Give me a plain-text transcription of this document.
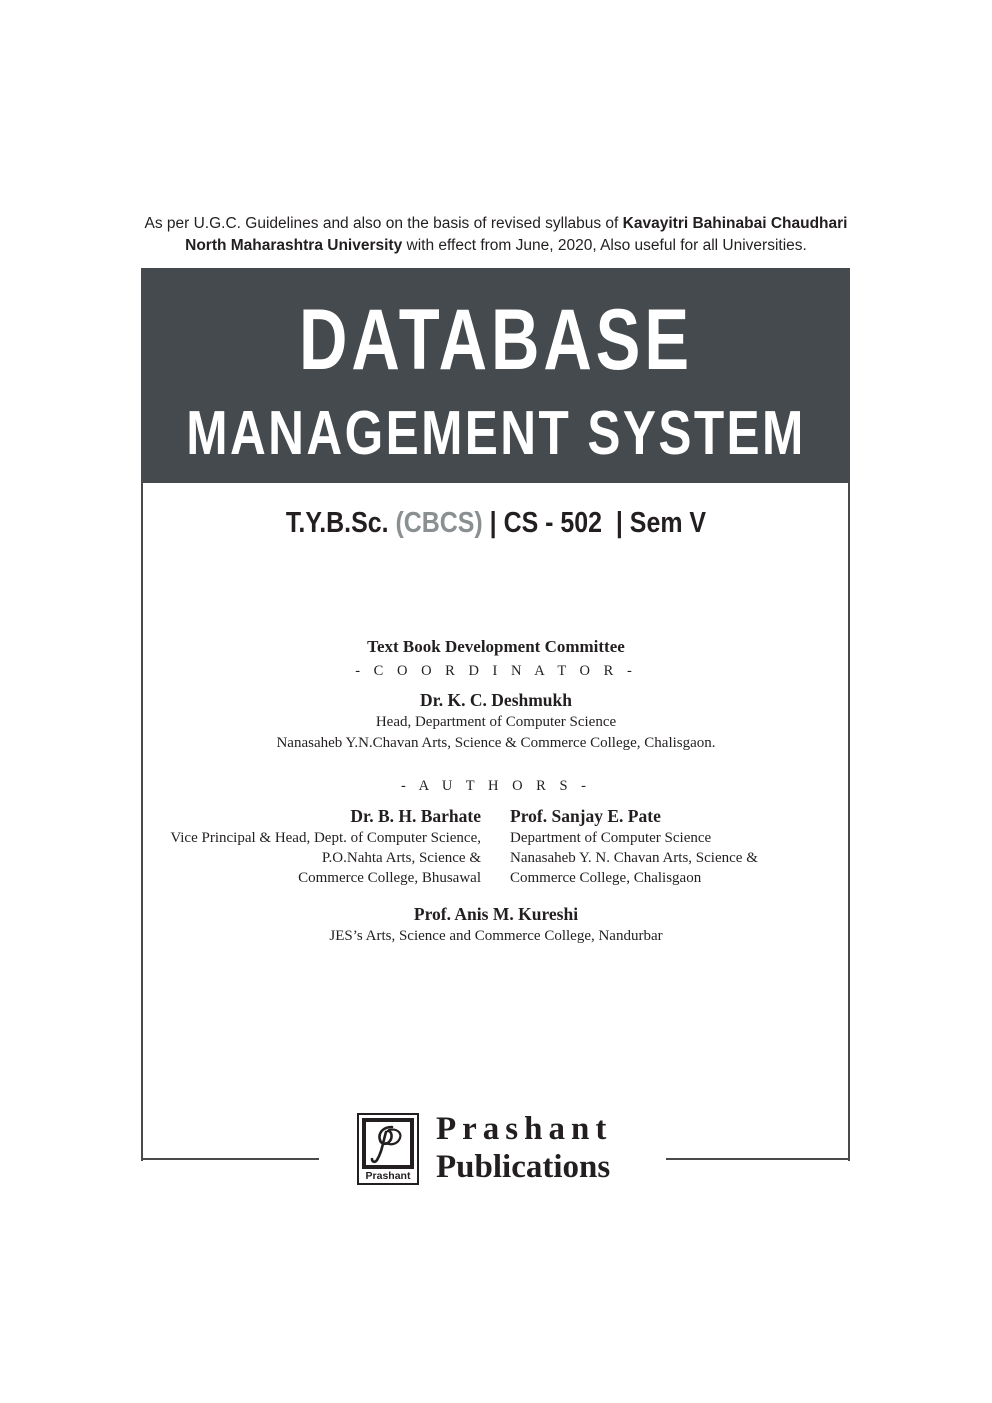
As per U.G.C. Guidelines and also on the basis of revised syllabus of Kavayitri Bahinabai Chaudhari
North Maharashtra University with effect from June, 2020, Also useful for all Universities.
DATABASE
MANAGEMENT SYSTEM
T.Y.B.Sc. (CBCS) | CS - 502 | Sem V
Text Book Development Committee
- C O O R D I N A T O R -
Dr. K. C. Deshmukh
Head, Department of Computer Science
Nanasaheb Y.N.Chavan Arts, Science & Commerce College, Chalisgaon.
- A U T H O R S -
Dr. B. H. Barhate
Vice Principal & Head, Dept. of Computer Science,
P.O.Nahta Arts, Science &
Commerce College, Bhusawal
Prof. Sanjay E. Pate
Department of Computer Science
Nanasaheb Y. N. Chavan Arts, Science &
Commerce College, Chalisgaon
Prof. Anis M. Kureshi
JES’s Arts, Science and Commerce College, Nandurbar
Prashant
Prashant
Publications
